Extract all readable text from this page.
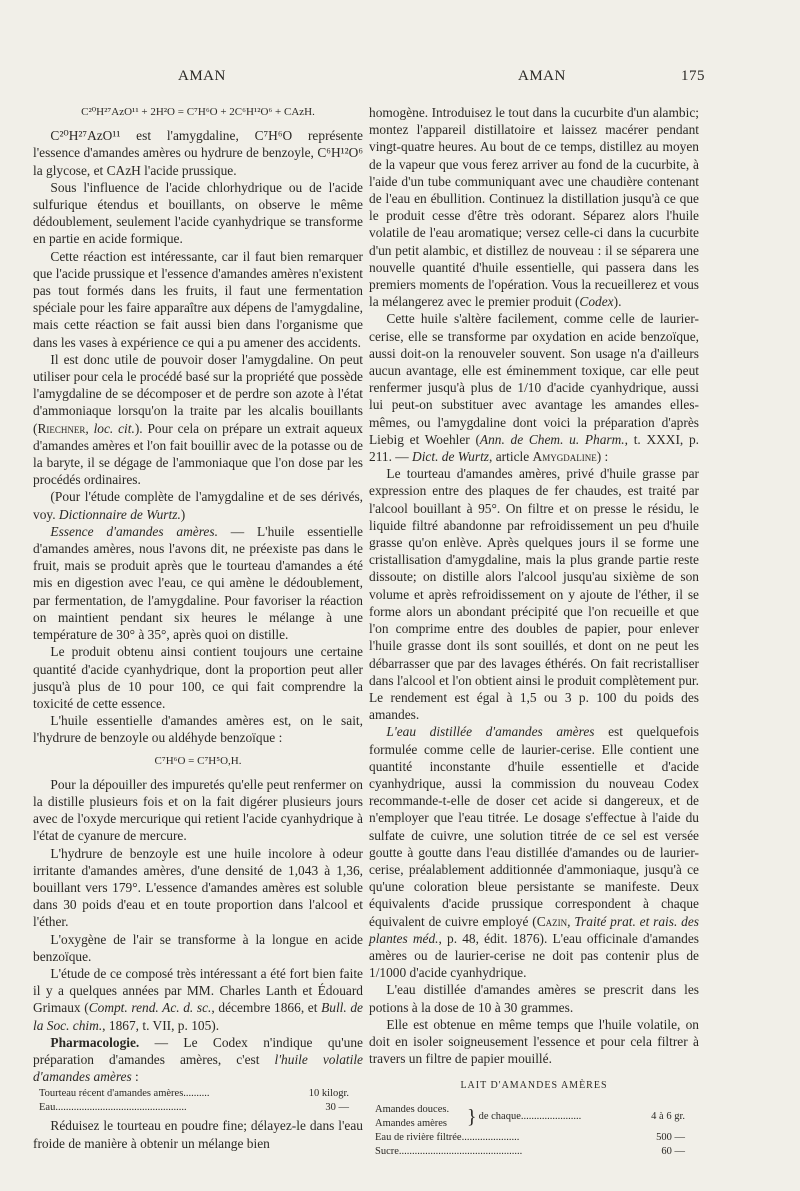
AMAN	AMAN	175
C²⁰H²⁷AzO¹¹ + 2H²O = C⁷H⁶O + 2C⁶H¹²O⁶ + CAzH.

C²⁰H²⁷AzO¹¹ est l'amygdaline, C⁷H⁶O représente l'essence d'amandes amères ou hydrure de benzoyle, C⁶H¹²O⁶ la glycose, et CAzH l'acide prussique.

Sous l'influence de l'acide chlorhydrique ou de l'acide sulfurique étendus et bouillants, on observe le même dédoublement, seulement l'acide cyanhydrique se transforme en partie en acide formique.

Cette réaction est intéressante, car il faut bien remarquer que l'acide prussique et l'essence d'amandes amères n'existent pas tout formés dans les fruits, il faut une fermentation spéciale pour les faire apparaître aux dépens de l'amygdaline, mais cette réaction se fait aussi bien dans l'organisme que dans les vases à expérience ce qui a pu amener des accidents.

Il est donc utile de pouvoir doser l'amygdaline. On peut utiliser pour cela le procédé basé sur la propriété que possède l'amygdaline de se décomposer et de perdre son azote à l'état d'ammoniaque lorsqu'on la traite par les alcalis bouillants (Riechner, loc. cit.). Pour cela on prépare un extrait aqueux d'amandes amères et l'on fait bouillir avec de la potasse ou de la baryte, il se dégage de l'ammoniaque que l'on dose par les procédés ordinaires.

(Pour l'étude complète de l'amygdaline et de ses dérivés, voy. Dictionnaire de Wurtz.)

Essence d'amandes amères. — L'huile essentielle d'amandes amères, nous l'avons dit, ne préexiste pas dans le fruit, mais se produit après que le tourteau d'amandes a été mis en digestion avec l'eau, ce qui amène le dédoublement, par fermentation, de l'amygdaline. Pour favoriser la réaction on maintient pendant six heures le mélange à une température de 30° à 35°, après quoi on distille.

Le produit obtenu ainsi contient toujours une certaine quantité d'acide cyanhydrique, dont la proportion peut aller jusqu'à plus de 10 pour 100, ce qui fait comprendre la toxicité de cette essence.

L'huile essentielle d'amandes amères est, on le sait, l'hydrure de benzoyle ou aldéhyde benzoïque :

C⁷H⁶O = C⁷H⁵O,H.

Pour la dépouiller des impuretés qu'elle peut renfermer on la distille plusieurs fois et on la fait digérer plusieurs jours avec de l'oxyde mercurique qui retient l'acide cyanhydrique à l'état de cyanure de mercure.

L'hydrure de benzoyle est une huile incolore à odeur irritante d'amandes amères, d'une densité de 1,043 à 1,36, bouillant vers 179°. L'essence d'amandes amères est soluble dans 30 poids d'eau et en toute proportion dans l'alcool et l'éther.

L'oxygène de l'air se transforme à la longue en acide benzoïque.

L'étude de ce composé très intéressant a été fort bien faite il y a quelques années par MM. Charles Lanth et Édouard Grimaux (Compt. rend. Ac. d. sc., décembre 1866, et Bull. de la Soc. chim., 1867, t. VII, p. 105).

Pharmacologie. — Le Codex n'indique qu'une préparation d'amandes amères, c'est l'huile volatile d'amandes amères :

Tourteau récent d'amandes amères..........	10 kilogr.
Eau..................................................	30 —

Réduisez le tourteau en poudre fine; délayez-le dans l'eau froide de manière à obtenir un mélange bien

homogène. Introduisez le tout dans la cucurbite d'un alambic; montez l'appareil distillatoire et laissez macérer pendant vingt-quatre heures. Au bout de ce temps, distillez au moyen de la vapeur que vous ferez arriver au fond de la cucurbite, à l'aide d'un tube communiquant avec une chaudière contenant de l'eau en ébullition. Continuez la distillation jusqu'à ce que le produit cesse d'être très odorant. Séparez alors l'huile volatile de l'eau aromatique; versez celle-ci dans la cucurbite d'un petit alambic, et distillez de nouveau : il se séparera une nouvelle quantité d'huile essentielle, qui passera dans les premiers moments de l'opération. Vous la recueillerez et vous la mélangerez avec le premier produit (Codex).

Cette huile s'altère facilement, comme celle de laurier-cerise, elle se transforme par oxydation en acide benzoïque, aussi doit-on la renouveler souvent. Son usage n'a d'ailleurs aucun avantage, elle est éminemment toxique, car elle peut renfermer jusqu'à plus de 1/10 d'acide cyanhydrique, aussi lui peut-on substituer avec avantage les amandes elles-mêmes, ou l'amygdaline dont voici la préparation d'après Liebig et Woehler (Ann. de Chem. u. Pharm., t. XXXI, p. 211. — Dict. de Wurtz, article Amygdaline) :

Le tourteau d'amandes amères, privé d'huile grasse par expression entre des plaques de fer chaudes, est traité par l'alcool bouillant à 95°. On filtre et on presse le résidu, le liquide filtré abandonne par refroidissement un peu d'huile grasse qu'on enlève. Après quelques jours il se forme une cristallisation d'amygdaline, mais la plus grande partie reste dissoute; on distille alors l'alcool jusqu'au sixième de son volume et après refroidissement on y ajoute de l'éther, il se forme alors un abondant précipité que l'on recueille et que l'on comprime entre des doubles de papier, pour enlever l'huile grasse dont ils sont souillés, et dont on ne peut les débarrasser que par des lavages éthérés. On fait recristalliser dans l'alcool et l'on obtient ainsi le produit complètement pur. Le rendement est égal à 1,5 ou 3 p. 100 du poids des amandes.

L'eau distillée d'amandes amères est quelquefois formulée comme celle de laurier-cerise. Elle contient une quantité inconstante d'huile essentielle et d'acide cyanhydrique, aussi la commission du nouveau Codex recommande-t-elle de doser cet acide si dangereux, et de n'employer que l'eau titrée. Le dosage s'effectue à l'aide du sulfate de cuivre, une solution titrée de ce sel est versée goutte à goutte dans l'eau distillée d'amandes ou de laurier-cerise, préalablement additionnée d'ammoniaque, jusqu'à ce qu'une coloration bleue persistante se manifeste. Deux équivalents d'acide prussique correspondent à chaque équivalent de cuivre employé (Cazin, Traité prat. et rais. des plantes méd., p. 48, édit. 1876). L'eau officinale d'amandes amères ou de laurier-cerise ne doit pas contenir plus de 1/1000 d'acide cyanhydrique.

L'eau distillée d'amandes amères se prescrit dans les potions à la dose de 10 à 30 grammes.

Elle est obtenue en même temps que l'huile volatile, on doit en isoler soigneusement l'essence et pour cela filtrer à travers un filtre de papier mouillé.

LAIT D'AMANDES AMÈRES
Amandes douces.
Amandes amères } de chaque.......................	4 à 6 gr.
Eau de rivière filtrée......................	500 —
Sucre...............................................	60 —
